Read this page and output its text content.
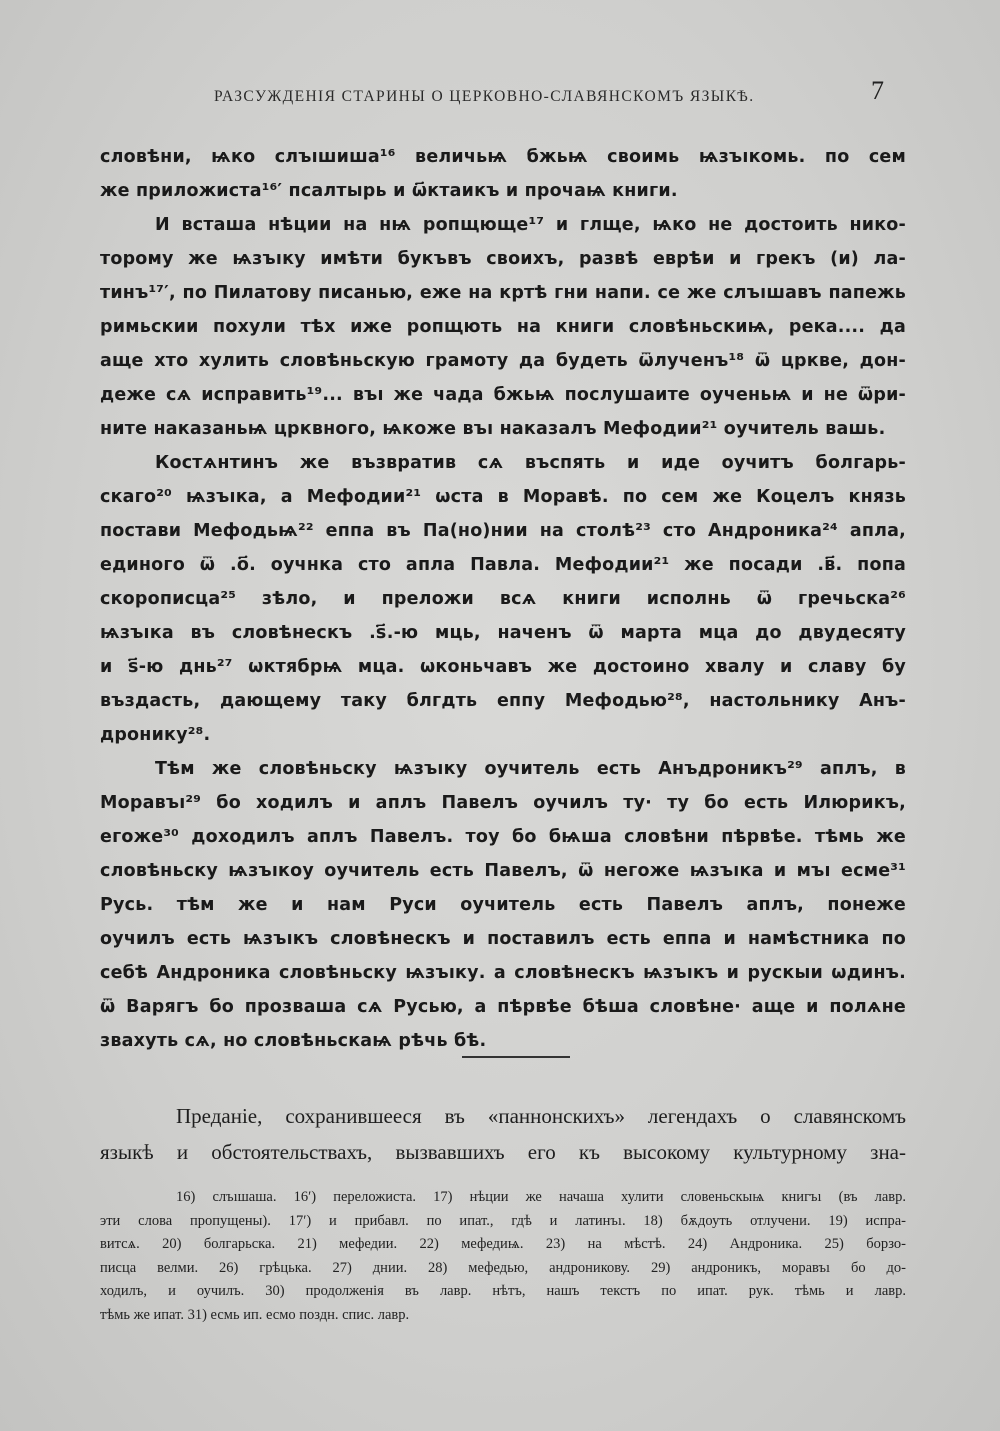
РАЗСУЖДЕНІЯ СТАРИНЫ О ЦЕРКОВНО-СЛАВЯНСКОМЪ ЯЗЫКѢ.	7
словѣни, ѩко слъıшиша¹⁶ величьѩ бжьѩ своимь ѩзъıкомь. по сем
же приложиста¹⁶′ псалтырь и ѡ҃ктаикъ и прочаѩ книги.
И всташа нѣции на нѩ ропщюще¹⁷ и глще, ѩко не достоить нико-
торому же ѩзъıку имѣти букъвъ своихъ, развѣ еврѣи и грекъ (и) ла-
тинъ¹⁷′, по Пилатову писанью, еже на кртѣ гни напи. се же слъıшавъ папежь
римьскии похули тѣх иже ропщють на книги словѣньскиѩ, река.... да
аще хто хулить словѣньскую грамоту да будеть ѿлученъ¹⁸ ѿ црквe, дон-
деже сѧ исправить¹⁹... въı же чада бжьѩ послушаите оученьѩ и не ѿри-
ните наказаньѩ црквного, ѩкоже въı наказалъ Мефодии²¹ оучитель вашь.
Костѧнтинъ же възвратив сѧ въспять и иде оучитъ болгарь-
скаго²⁰ ѩзъıка, а Мефодии²¹ ѡста в Моравѣ. по сем же Коцелъ князь
постави Мефодьѩ²² еппа въ Па(но)нии на столѣ²³ сто Андроника²⁴ апла,
единого ѿ .о҃. оучнка сто апла Павла. Мефодии²¹ же посади .в҃. попа
скорописца²⁵ зѣло, и преложи всѧ книги исполнь ѿ гречьска²⁶
ѩзъıка въ словѣнескъ .s҃.-ю мць, наченъ ѿ марта мца до двудесяту
и s҃-ю днь²⁷ ѡктябрѩ мца. ѡконьчавъ же достоино хвалу и славу бу
въздасть, дающему таку блгдть еппу Мефодью²⁸, настольнику Анъ-
дронику²⁸.
Тѣм же словѣньску ѩзъıку оучитель есть Анъдроникъ²⁹ аплъ, в
Моравъı²⁹ бо ходилъ и аплъ Павелъ оучилъ ту· ту бо есть Илюрикъ,
егоже³⁰ доходилъ аплъ Павелъ. тоу бо бѩша словѣни пѣрвѣе. тѣмь же
словѣньску ѩзъıкоу оучитель есть Павелъ, ѿ негоже ѩзъıка и мъı есме³¹
Русь. тѣм же и нам Руси оучитель есть Павелъ аплъ, понеже
оучилъ есть ѩзъıкъ словѣнескъ и поставилъ есть еппа и намѣстника по
себѣ Андроника словѣньску ѩзъıку. а словѣнескъ ѩзъıкъ и рускыи ѡдинъ.
ѿ Варягъ бо прозваша сѧ Русью, а пѣрвѣе бѣша словѣне· аще и полѧне
звахуть сѧ, но словѣньскаѩ рѣчь бѣ.
Преданіе, сохранившееся въ «паннонскихъ» легендахъ о славянскомъ
языкѣ и обстоятельствахъ, вызвавшихъ его къ высокому культурному зна-
16) слъıшаша. 16′) переложиста. 17) нѣции же начаша хулити словеньскыѩ книгъı (въ лавр.
эти слова пропущены). 17′) и прибавл. по ипат., гдѣ и латинъı. 18) бѫдоуть отлучени. 19) испра-
витсѧ. 20) болгарьска. 21) мефедии. 22) мефедиѩ. 23) на мѣстѣ. 24) Андроника. 25) борзо-
писца велми. 26) грѣцька. 27) днии. 28) мефедью, андроникову. 29) андроникъ, моравъı бо до-
ходилъ, и оучилъ. 30) продолженія въ лавр. нѣтъ, нашъ текстъ по ипат. рук. тѣмь и лавр.
тѣмь же ипат. 31) есмь ип. есмо поздн. спис. лавр.
